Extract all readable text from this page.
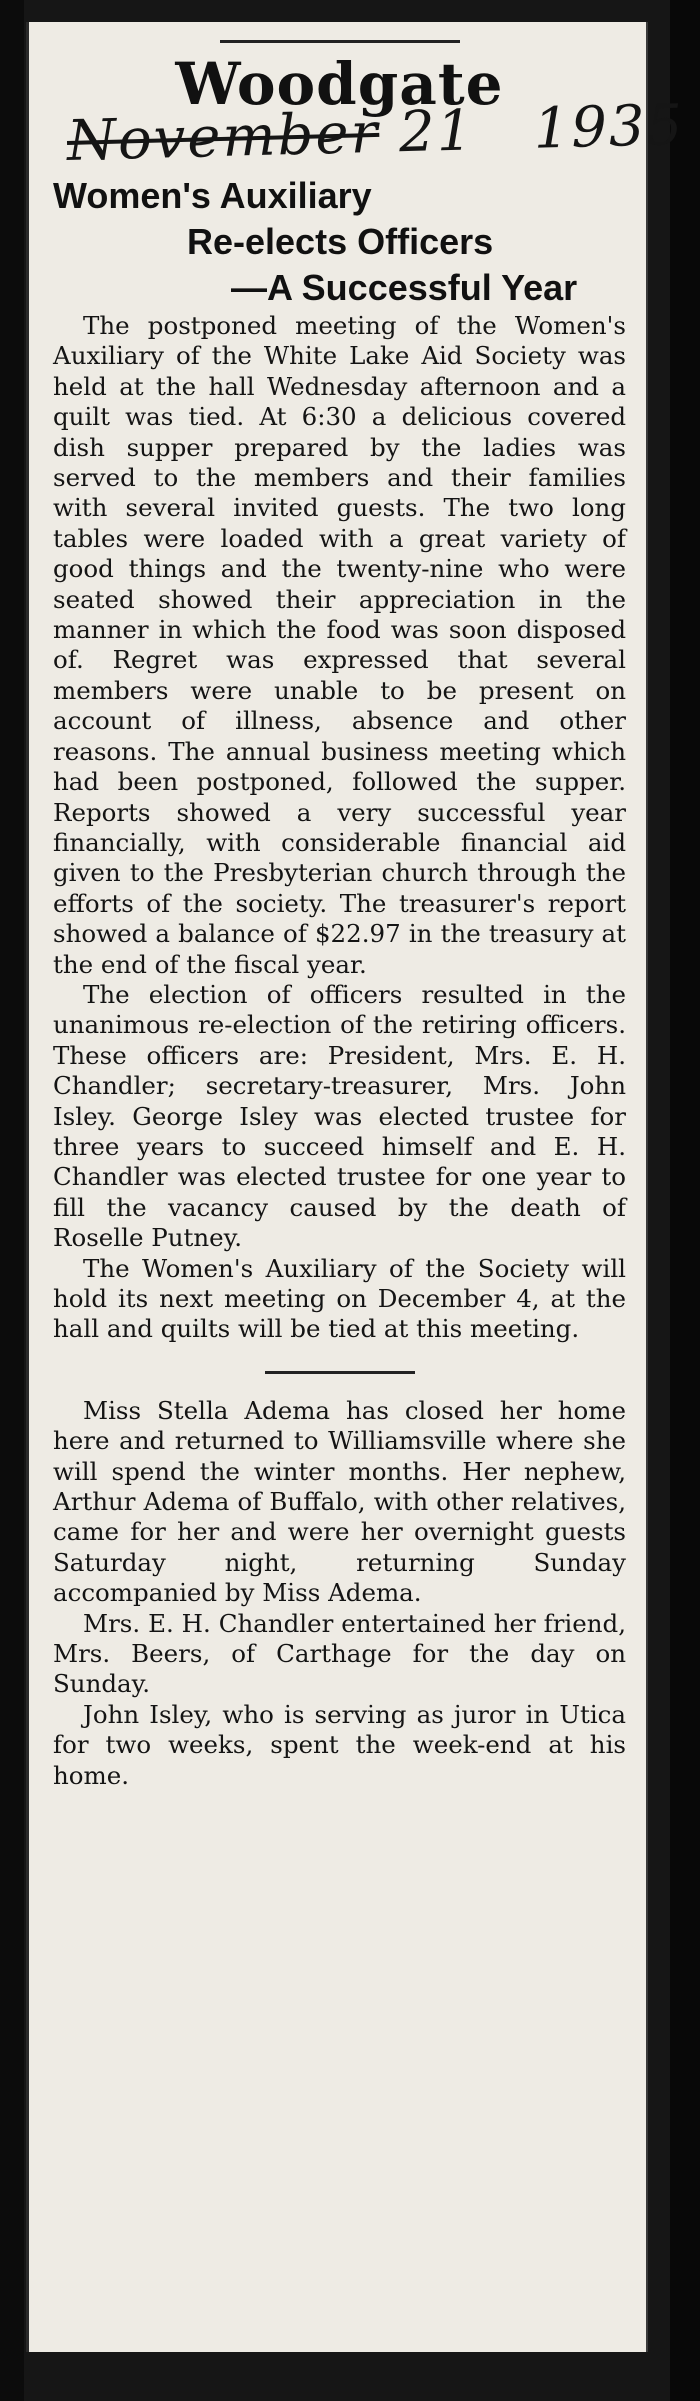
Woodgate
November 21 1935
Women's Auxiliary
Re-elects Officers
—A Successful Year

The postponed meeting of the Women's Auxiliary of the White Lake Aid Society was held at the hall Wednesday afternoon and a quilt was tied. At 6:30 a delicious covered dish supper prepared by the ladies was served to the members and their families with several invited guests. The two long tables were loaded with a great variety of good things and the twenty-nine who were seated showed their appreciation in the manner in which the food was soon disposed of. Regret was expressed that several members were unable to be present on account of illness, absence and other reasons. The annual business meeting which had been postponed, followed the supper. Reports showed a very successful year financially, with considerable financial aid given to the Presbyterian church through the efforts of the society. The treasurer's report showed a balance of $22.97 in the treasury at the end of the fiscal year.

The election of officers resulted in the unanimous re-election of the retiring officers. These officers are: President, Mrs. E. H. Chandler; secretary-treasurer, Mrs. John Isley. George Isley was elected trustee for three years to succeed himself and E. H. Chandler was elected trustee for one year to fill the vacancy caused by the death of Roselle Putney.

The Women's Auxiliary of the Society will hold its next meeting on December 4, at the hall and quilts will be tied at this meeting.

Miss Stella Adema has closed her home here and returned to Williamsville where she will spend the winter months. Her nephew, Arthur Adema of Buffalo, with other relatives, came for her and were her overnight guests Saturday night, returning Sunday accompanied by Miss Adema.

Mrs. E. H. Chandler entertained her friend, Mrs. Beers, of Carthage for the day on Sunday.

John Isley, who is serving as juror in Utica for two weeks, spent the week-end at his home.
